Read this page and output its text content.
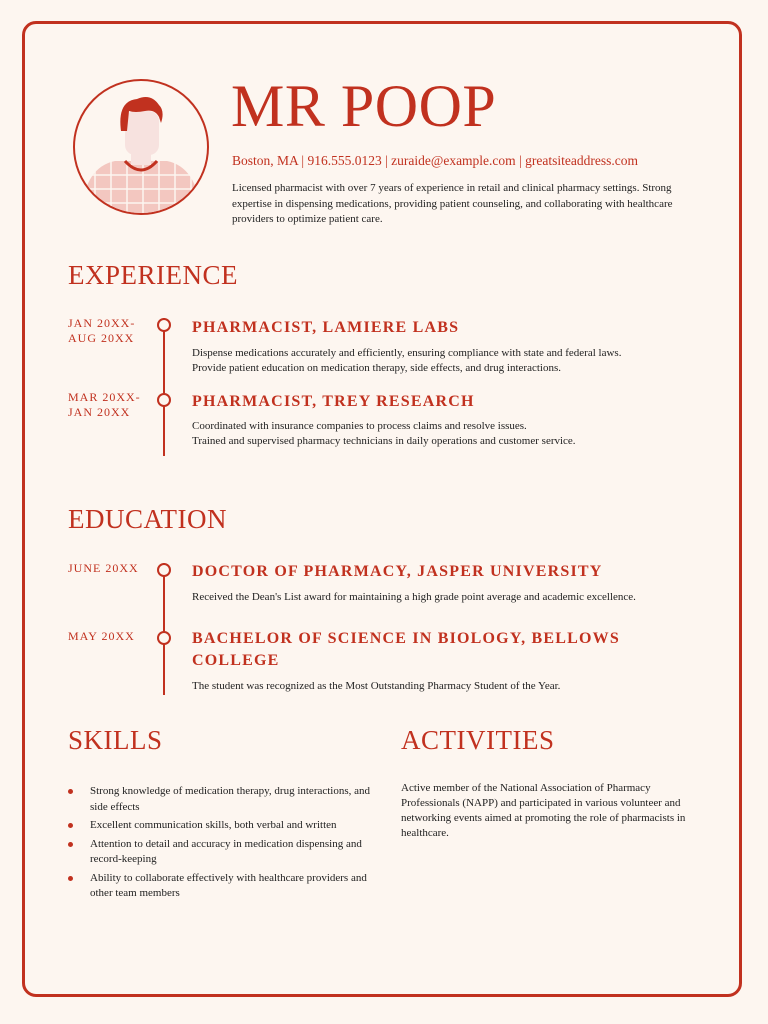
MR POOP
Boston, MA | 916.555.0123 | zuraide@example.com | greatsiteaddress.com
Licensed pharmacist with over 7 years of experience in retail and clinical pharmacy settings. Strong expertise in dispensing medications, providing patient counseling, and collaborating with healthcare providers to optimize patient care.
EXPERIENCE
JAN 20XX-
AUG 20XX
PHARMACIST, LAMIERE LABS
Dispense medications accurately and efficiently, ensuring compliance with state and federal laws.
Provide patient education on medication therapy, side effects, and drug interactions.
MAR 20XX-
JAN 20XX
PHARMACIST, TREY RESEARCH
Coordinated with insurance companies to process claims and resolve issues.
Trained and supervised pharmacy technicians in daily operations and customer service.
EDUCATION
JUNE 20XX	DOCTOR OF PHARMACY, JASPER UNIVERSITY
Received the Dean's List award for maintaining a high grade point average and academic excellence.
MAY 20XX	BACHELOR OF SCIENCE IN BIOLOGY, BELLOWS
COLLEGE
The student was recognized as the Most Outstanding Pharmacy Student of the Year.
SKILLS
Strong knowledge of medication therapy, drug interactions, and side effects
Excellent communication skills, both verbal and written
Attention to detail and accuracy in medication dispensing and record-keeping
Ability to collaborate effectively with healthcare providers and other team members
ACTIVITIES
Active member of the National Association of Pharmacy Professionals (NAPP) and participated in various volunteer and networking events aimed at promoting the role of pharmacists in healthcare.
